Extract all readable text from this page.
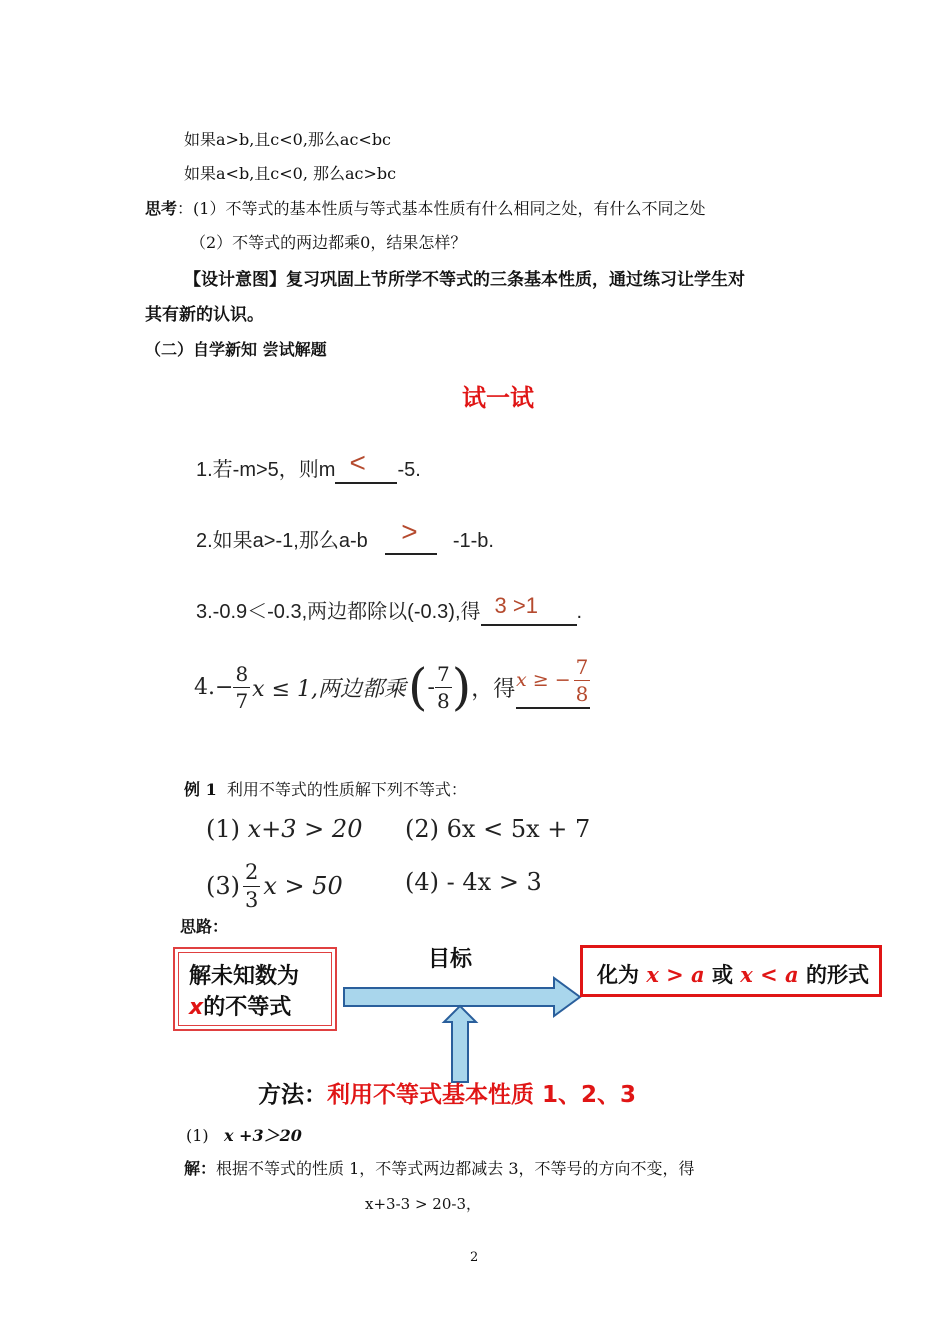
如果a>b,且c<0,那么ac<bc
如果a<b,且c<0, 那么ac>bc
思考：(1）不等式的基本性质与等式基本性质有什么相同之处，有什么不同之处
（2）不等式的两边都乘0，结果怎样？
【设计意图】复习巩固上节所学不等式的三条基本性质，通过练习让学生对
其有新的认识。
（二）自学新知 尝试解题
试一试
1.若-m>5，则m < -5.
2.如果a>-1,那么a-b > -1-b.
3.-0.9＜-0.3,两边都除以(-0.3),得 3 >1 .
4. − $\frac{8}{7}$ x ≤ 1,两边都乘 ( - $\frac{7}{8}$ ) ，得 x ≥ − $\frac{7}{8}$
例 1 利用不等式的性质解下列不等式：
(1) x+3 > 20 (2) 6x < 5x + 7
$(3) \frac{2}{3}$ x > 50	(4) - 4x > 3
思路：
解未知数为
x的不等式
目标
化为 x > a 或 x < a 的形式
方法：利用不等式基本性质 1、2、3
(1) x +3＞20
解：根据不等式的性质 1，不等式两边都减去 3，不等号的方向不变，得
x+3-3 > 20-3，
2
